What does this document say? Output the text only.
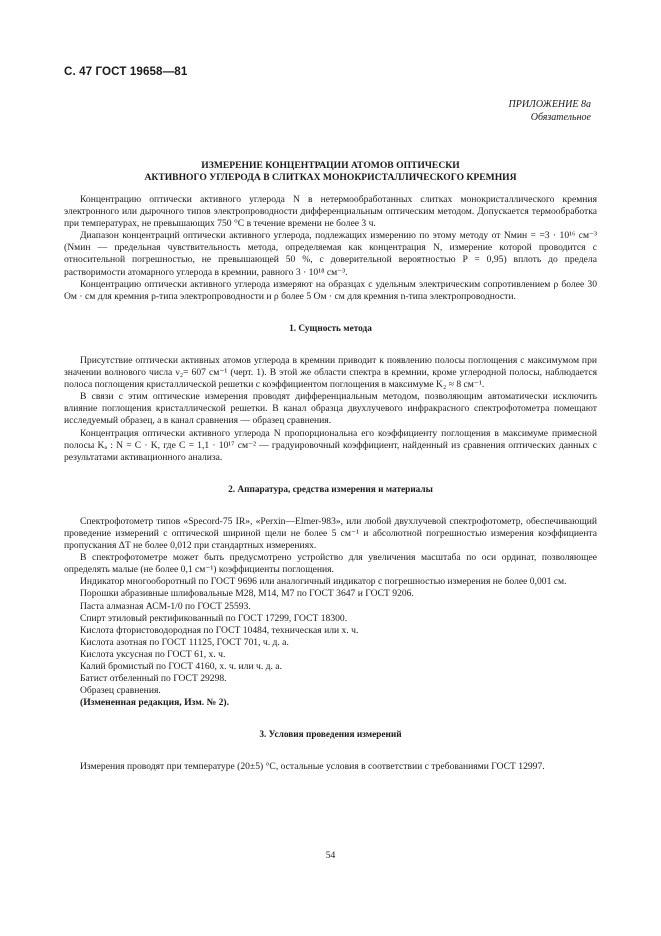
С. 47 ГОСТ 19658—81
ПРИЛОЖЕНИЕ 8а
Обязательное
ИЗМЕРЕНИЕ КОНЦЕНТРАЦИИ АТОМОВ ОПТИЧЕСКИ
АКТИВНОГО УГЛЕРОДА В СЛИТКАХ МОНОКРИСТАЛЛИЧЕСКОГО КРЕМНИЯ

Концентрацию оптически активного углерода N в нетермообработанных слитках монокристаллического кремния электронного или дырочного типов электропроводности дифференциальным оптическим методом. Допускается термообработка при температурах, не превышающих 750 °С в течение времени не более 3 ч.

Диапазон концентраций оптически активного углерода, подлежащих измерению по этому методу от Nмин = =3 · 10¹⁶ см⁻³ (Nмин — предельная чувствительность метода, определяемая как концентрация N, измерение которой проводится с относительной погрешностью, не превышающей 50 %, с доверительной вероятностью P = 0,95) вплоть до предела растворимости атомарного углерода в кремнии, равного 3 · 10¹⁸ см⁻³.

Концентрацию оптически активного углерода измеряют на образцах с удельным электрическим сопротивлением ρ более 30 Ом · см для кремния p-типа электропроводности и ρ более 5 Ом · см для кремния n-типа электропроводности.

1. Сущность метода

Присутствие оптически активных атомов углерода в кремнии приводит к появлению полосы поглощения с максимумом при значении волнового числа ν₂= 607 см⁻¹ (черт. 1). В этой же области спектра в кремнии, кроме углеродной полосы, наблюдается полоса поглощения кристаллической решетки с коэффициентом поглощения в максимуме K₂ ≈ 8 см⁻¹.

В связи с этим оптические измерения проводят дифференциальным методом, позволяющим автоматически исключить влияние поглощения кристаллической решетки. В канал образца двухлучевого инфракрасного спектрофотометра помещают исследуемый образец, а в канал сравнения — образец сравнения.

Концентрация оптически активного углерода N пропорциональна его коэффициенту поглощения в максимуме примесной полосы Kₐ : N = C · K, где C = 1,1 · 10¹⁷ см⁻² — градуировочный коэффициент, найденный из сравнения оптических данных с результатами активационного анализа.

2. Аппаратура, средства измерения и материалы

Спектрофотометр типов «Specord-75 IR», «Perxin—Elmer-983», или любой двухлучевой спектрофотометр, обеспечивающий проведение измерений с оптической шириной щели не более 5 см⁻¹ и абсолютной погрешностью измерения коэффициента пропускания ΔT не более 0,012 при стандартных измерениях.

В спектрофотометре может быть предусмотрено устройство для увеличения масштаба по оси ординат, позволяющее определять малые (не более 0,1 см⁻¹) коэффициенты поглощения.

Индикатор многооборотный по ГОСТ 9696 или аналогичный индикатор с погрешностью измерения не более 0,001 см.

Порошки абразивные шлифовальные М28, М14, М7 по ГОСТ 3647 и ГОСТ 9206.

Паста алмазная АСМ-1/0 по ГОСТ 25593.

Спирт этиловый ректификованный по ГОСТ 17299, ГОСТ 18300.

Кислота фтористоводородная по ГОСТ 10484, техническая или х. ч.

Кислота азотная по ГОСТ 11125, ГОСТ 701, ч. д. а.

Кислота уксусная по ГОСТ 61, х. ч.

Калий бромистый по ГОСТ 4160, х. ч. или ч. д. а.

Батист отбеленный по ГОСТ 29298.

Образец сравнения.

(Измененная редакция, Изм. № 2).

3. Условия проведения измерений

Измерения проводят при температуре (20±5) °С, остальные условия в соответствии с требованиями ГОСТ 12997.

54
